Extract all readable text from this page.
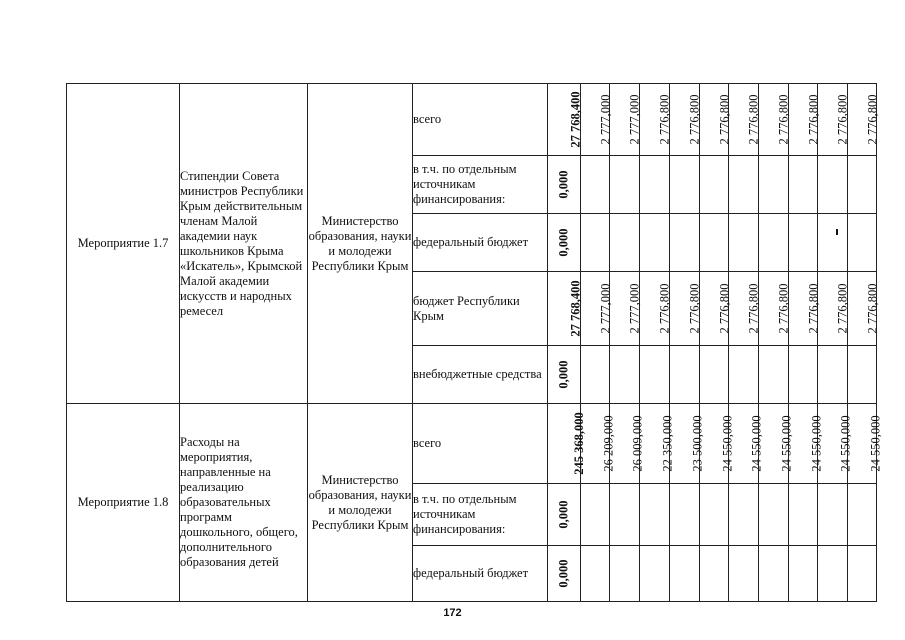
Мероприятие 1.7	Стипендии Совета министров Республики Крым действительным членам Малой академии наук школьников Крыма «Искатель», Крымской Малой академии искусств и народных ремесел	Министерство образования, науки и молодежи Республики Крым	всего	27 768,400	2 777,000	2 777,000	2 776,800	2 776,800	2 776,800	2 776,800	2 776,800	2 776,800	2 776,800	2 776,800
			в т.ч. по отдельным источникам финансирования:	0,000										
			федеральный бюджет	0,000										
			бюджет Республики Крым	27 768,400	2 777,000	2 777,000	2 776,800	2 776,800	2 776,800	2 776,800	2 776,800	2 776,800	2 776,800	2 776,800
			внебюджетные средства	0,000										
Мероприятие 1.8	Расходы на мероприятия, направленные на реализацию образовательных программ дошкольного, общего, дополнительного образования детей	Министерство образования, науки и молодежи Республики Крым	всего	245 368,000	26 209,000	26 009,000	22 350,000	23 500,000	24 550,000	24 550,000	24 550,000	24 550,000	24 550,000	24 550,000
			в т.ч. по отдельным источникам финансирования:	0,000										
			федеральный бюджет	0,000										
172
